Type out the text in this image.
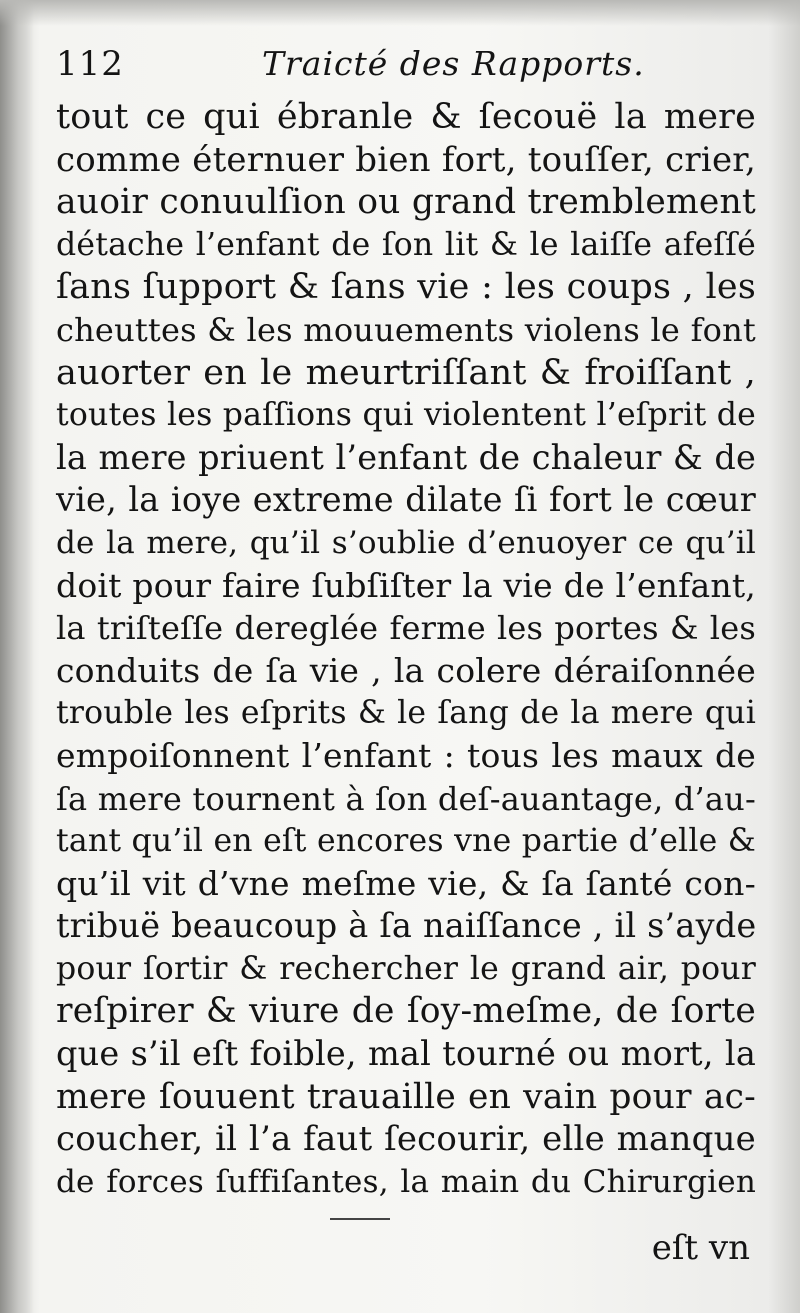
112	Traicté des Rapports.
tout ce qui ébranle & ſecouë la mere
comme éternuer bien fort, touſſer, crier,
auoir conuulſion ou grand tremblement
détache l’enfant de ſon lit & le laiſſe afeſſé
ſans ſupport & ſans vie : les coups , les
cheuttes & les mouuements violens le font
auorter en le meurtriſſant & froiſſant ,
toutes les paſſions qui violentent l’eſprit de
la mere priuent l’enfant de chaleur & de
vie, la ioye extreme dilate ſi fort le cœur
de la mere, qu’il s’oublie d’enuoyer ce qu’il
doit pour faire ſubſiſter la vie de l’enfant,
la triſteſſe dereglée ferme les portes & les
conduits de ſa vie , la colere déraiſonnée
trouble les eſprits & le ſang de la mere qui
empoiſonnent l’enfant : tous les maux de
ſa mere tournent à ſon deſ-auantage, d’au-
tant qu’il en eſt encores vne partie d’elle &
qu’il vit d’vne meſme vie, & ſa ſanté con-
tribuë beaucoup à ſa naiſſance , il s’ayde
pour ſortir & rechercher le grand air, pour
reſpirer & viure de ſoy-meſme, de ſorte
que s’il eſt foible, mal tourné ou mort, la
mere ſouuent trauaille en vain pour ac-
coucher, il l’a faut ſecourir, elle manque
de forces ſuffiſantes, la main du Chirurgien
eſt vn
